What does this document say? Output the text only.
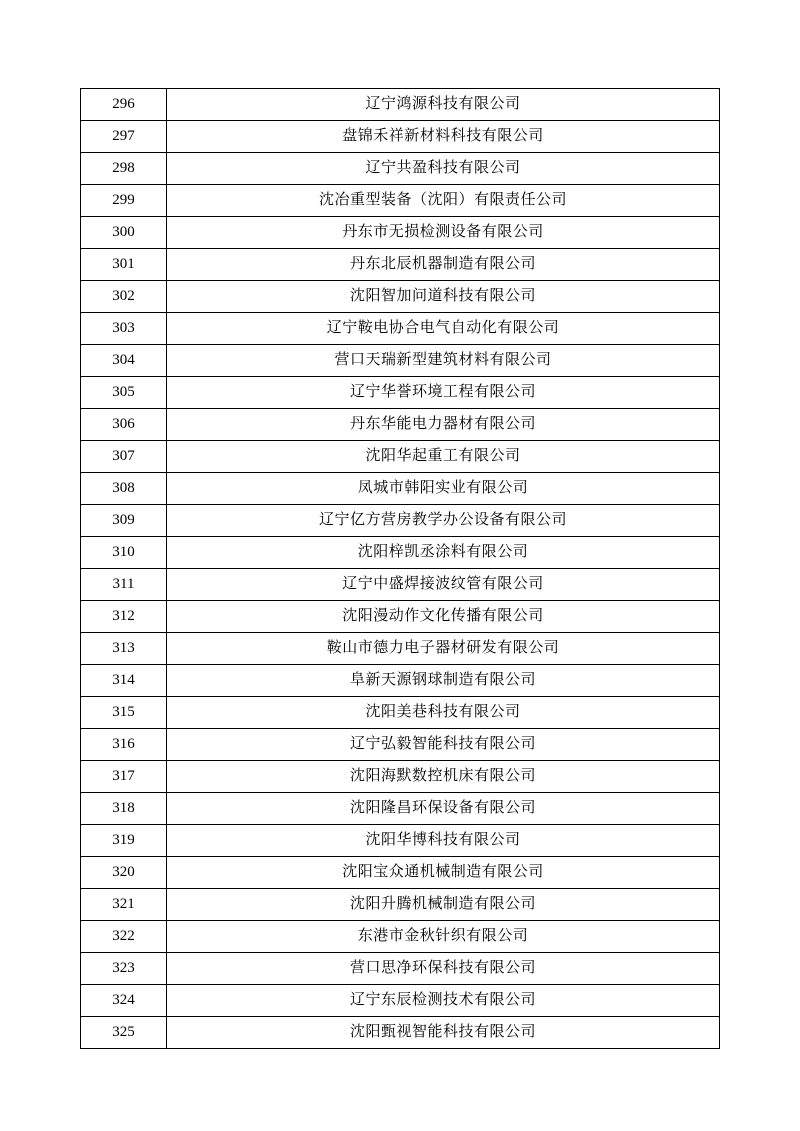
296	辽宁鸿源科技有限公司
297	盘锦禾祥新材料科技有限公司
298	辽宁共盈科技有限公司
299	沈冶重型装备（沈阳）有限责任公司
300	丹东市无损检测设备有限公司
301	丹东北辰机器制造有限公司
302	沈阳智加问道科技有限公司
303	辽宁鞍电协合电气自动化有限公司
304	营口天瑞新型建筑材料有限公司
305	辽宁华誉环境工程有限公司
306	丹东华能电力器材有限公司
307	沈阳华起重工有限公司
308	凤城市韩阳实业有限公司
309	辽宁亿方营房教学办公设备有限公司
310	沈阳梓凯丞涂料有限公司
311	辽宁中盛焊接波纹管有限公司
312	沈阳漫动作文化传播有限公司
313	鞍山市德力电子器材研发有限公司
314	阜新天源钢球制造有限公司
315	沈阳美巷科技有限公司
316	辽宁弘毅智能科技有限公司
317	沈阳海默数控机床有限公司
318	沈阳隆昌环保设备有限公司
319	沈阳华博科技有限公司
320	沈阳宝众通机械制造有限公司
321	沈阳升腾机械制造有限公司
322	东港市金秋针织有限公司
323	营口思净环保科技有限公司
324	辽宁东辰检测技术有限公司
325	沈阳甄视智能科技有限公司
